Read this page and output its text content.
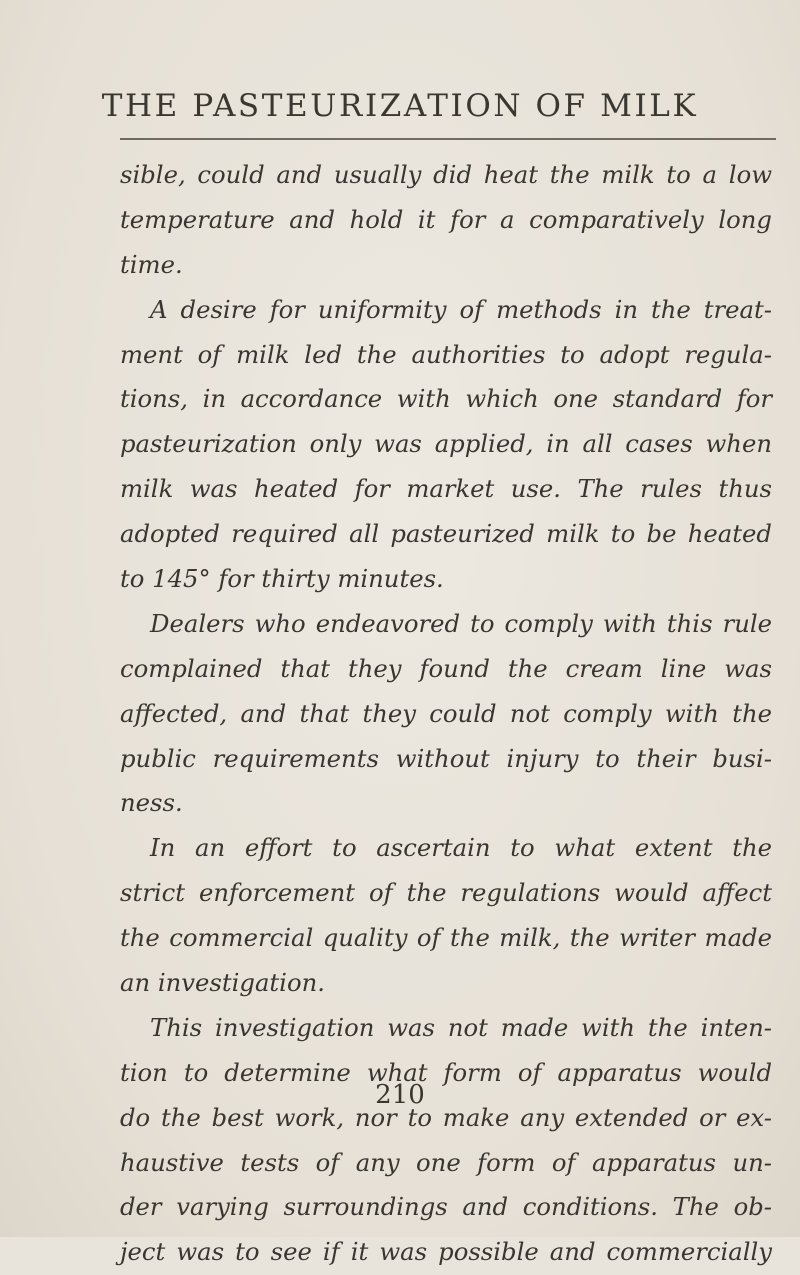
THE PASTEURIZATION OF MILK
sible, could and usually did heat the milk to a low
temperature and hold it for a comparatively long
time.
A desire for uniformity of methods in the treat-
ment of milk led the authorities to adopt regula-
tions, in accordance with which one standard for
pasteurization only was applied, in all cases when
milk was heated for market use. The rules thus
adopted required all pasteurized milk to be heated
to 145° for thirty minutes.
Dealers who endeavored to comply with this rule
complained that they found the cream line was
affected, and that they could not comply with the
public requirements without injury to their busi-
ness.
In an effort to ascertain to what extent the
strict enforcement of the regulations would affect
the commercial quality of the milk, the writer made
an investigation.
This investigation was not made with the inten-
tion to determine what form of apparatus would
do the best work, nor to make any extended or ex-
haustive tests of any one form of apparatus un-
der varying surroundings and conditions. The ob-
ject was to see if it was possible and commercially
210
